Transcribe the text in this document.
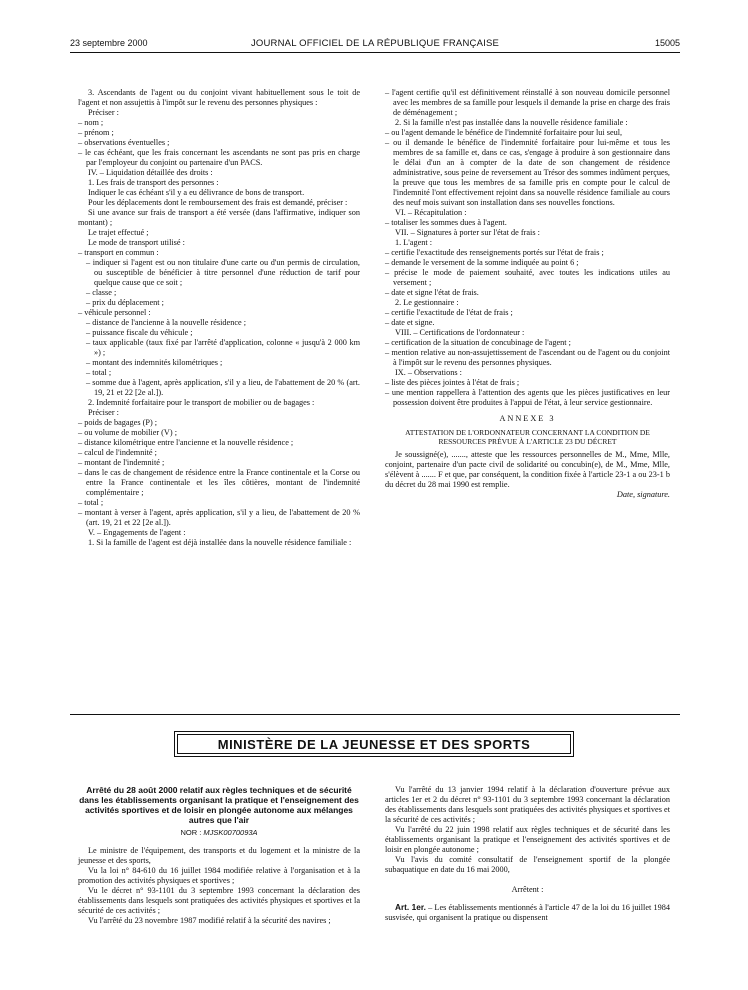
23 septembre 2000	JOURNAL OFFICIEL DE LA RÉPUBLIQUE FRANÇAISE	15005

3. Ascendants de l'agent ou du conjoint vivant habituellement sous le toit de l'agent et non assujettis à l'impôt sur le revenu des personnes physiques :

Préciser :

– nom ;

– prénom ;

– observations éventuelles ;

– le cas échéant, que les frais concernant les ascendants ne sont pas pris en charge par l'employeur du conjoint ou partenaire d'un PACS.

IV. – Liquidation détaillée des droits :

1. Les frais de transport des personnes :

Indiquer le cas échéant s'il y a eu délivrance de bons de transport.

Pour les déplacements dont le remboursement des frais est demandé, préciser :

Si une avance sur frais de transport a été versée (dans l'affirmative, indiquer son montant) ;

Le trajet effectué ;

Le mode de transport utilisé :

– transport en commun :

– indiquer si l'agent est ou non titulaire d'une carte ou d'un permis de circulation, ou susceptible de bénéficier à titre personnel d'une réduction de tarif pour quelque cause que ce soit ;

– classe ;

– prix du déplacement ;

– véhicule personnel :

– distance de l'ancienne à la nouvelle résidence ;

– puissance fiscale du véhicule ;

– taux applicable (taux fixé par l'arrêté d'application, colonne « jusqu'à 2 000 km ») ;

– montant des indemnités kilométriques ;

– total ;

– somme due à l'agent, après application, s'il y a lieu, de l'abattement de 20 % (art. 19, 21 et 22 [2e al.]).

2. Indemnité forfaitaire pour le transport de mobilier ou de bagages :

Préciser :

– poids de bagages (P) ;

– ou volume de mobilier (V) ;

– distance kilométrique entre l'ancienne et la nouvelle résidence ;

– calcul de l'indemnité ;

– montant de l'indemnité ;

– dans le cas de changement de résidence entre la France continentale et la Corse ou entre la France continentale et les îles côtières, montant de l'indemnité complémentaire ;

– total ;

– montant à verser à l'agent, après application, s'il y a lieu, de l'abattement de 20 % (art. 19, 21 et 22 [2e al.]).

V. – Engagements de l'agent :

1. Si la famille de l'agent est déjà installée dans la nouvelle résidence familiale :

– l'agent certifie qu'il est définitivement réinstallé à son nouveau domicile personnel avec les membres de sa famille pour lesquels il demande la prise en charge des frais de déménagement ;

2. Si la famille n'est pas installée dans la nouvelle résidence familiale :

– ou l'agent demande le bénéfice de l'indemnité forfaitaire pour lui seul,

– ou il demande le bénéfice de l'indemnité forfaitaire pour lui-même et tous les membres de sa famille et, dans ce cas, s'engage à produire à son gestionnaire dans le délai d'un an à compter de la date de son changement de résidence administrative, sous peine de reversement au Trésor des sommes indûment perçues, la preuve que tous les membres de sa famille pris en compte pour le calcul de l'indemnité l'ont effectivement rejoint dans sa nouvelle résidence familiale au cours des neuf mois suivant son installation dans ses nouvelles fonctions.

VI. – Récapitulation :

– totaliser les sommes dues à l'agent.

VII. – Signatures à porter sur l'état de frais :

1. L'agent :

– certifie l'exactitude des renseignements portés sur l'état de frais ;

– demande le versement de la somme indiquée au point 6 ;

– précise le mode de paiement souhaité, avec toutes les indications utiles au versement ;

– date et signe l'état de frais.

2. Le gestionnaire :

– certifie l'exactitude de l'état de frais ;

– date et signe.

VIII. – Certifications de l'ordonnateur :

– certification de la situation de concubinage de l'agent ;

– mention relative au non-assujettissement de l'ascendant ou de l'agent ou du conjoint à l'impôt sur le revenu des personnes physiques.

IX. – Observations :

– liste des pièces jointes à l'état de frais ;

– une mention rappellera à l'attention des agents que les pièces justificatives en leur possession doivent être produites à l'appui de l'état, à leur service gestionnaire.

ANNEXE 3

ATTESTATION DE L'ORDONNATEUR CONCERNANT LA CONDITION DE RESSOURCES PRÉVUE À L'ARTICLE 23 DU DÉCRET

Je soussigné(e), ......., atteste que les ressources personnelles de M., Mme, Mlle, conjoint, partenaire d'un pacte civil de solidarité ou concubin(e), de M., Mme, Mlle, s'élèvent à ....... F et que, par conséquent, la condition fixée à l'article 23-1 a ou 23-1 b du décret du 28 mai 1990 est remplie.

Date, signature.

MINISTÈRE DE LA JEUNESSE ET DES SPORTS

Arrêté du 28 août 2000 relatif aux règles techniques et de sécurité dans les établissements organisant la pratique et l'enseignement des activités sportives et de loisir en plongée autonome aux mélanges autres que l'air

NOR : MJSK0070093A

Le ministre de l'équipement, des transports et du logement et la ministre de la jeunesse et des sports,

Vu la loi n° 84-610 du 16 juillet 1984 modifiée relative à l'organisation et à la promotion des activités physiques et sportives ;

Vu le décret n° 93-1101 du 3 septembre 1993 concernant la déclaration des établissements dans lesquels sont pratiquées des activités physiques et sportives et la sécurité de ces activités ;

Vu l'arrêté du 23 novembre 1987 modifié relatif à la sécurité des navires ;

Vu l'arrêté du 13 janvier 1994 relatif à la déclaration d'ouverture prévue aux articles 1er et 2 du décret n° 93-1101 du 3 septembre 1993 concernant la déclaration des établissements dans lesquels sont pratiquées des activités physiques et sportives et la sécurité de ces activités ;

Vu l'arrêté du 22 juin 1998 relatif aux règles techniques et de sécurité dans les établissements organisant la pratique et l'enseignement des activités sportives et de loisir en plongée autonome ;

Vu l'avis du comité consultatif de l'enseignement sportif de la plongée subaquatique en date du 16 mai 2000,

Arrêtent :

Art. 1er. – Les établissements mentionnés à l'article 47 de la loi du 16 juillet 1984 susvisée, qui organisent la pratique ou dispensent
